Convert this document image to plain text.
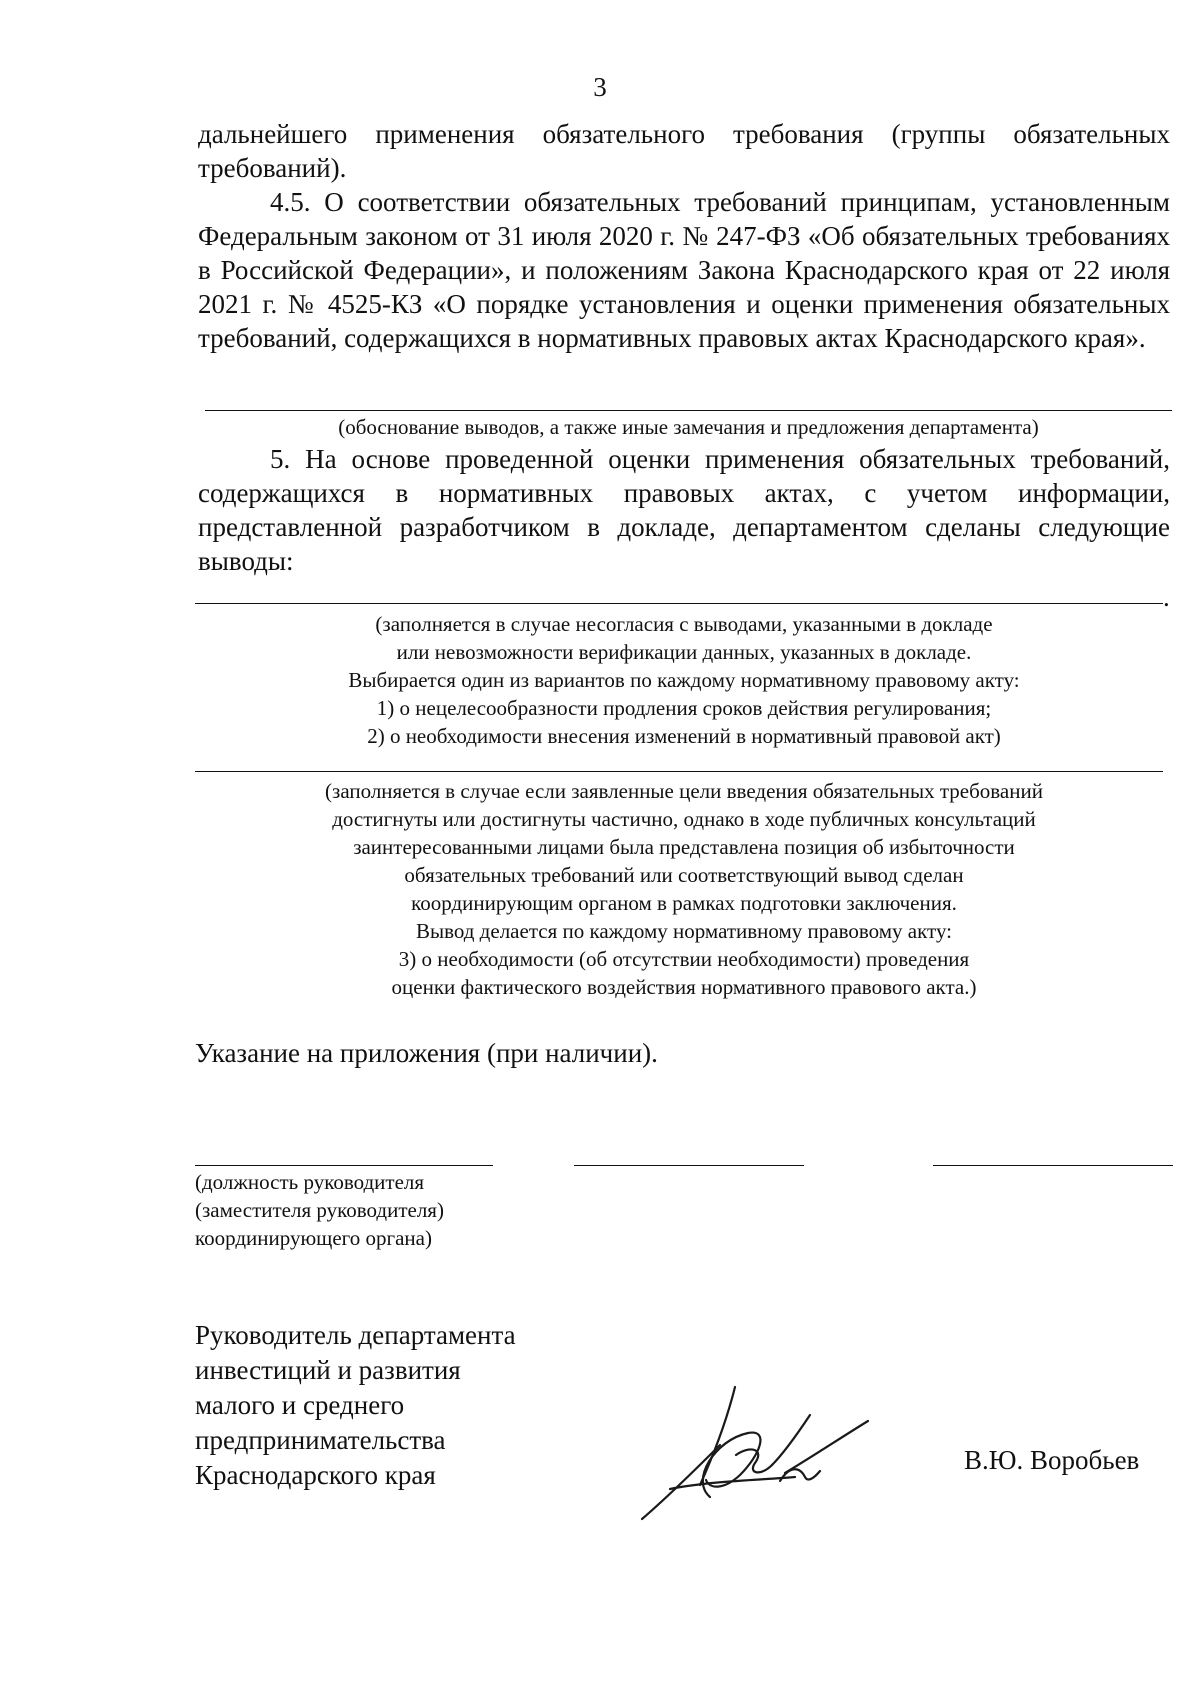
3
дальнейшего применения обязательного требования (группы обязательных требований).
4.5. О соответствии обязательных требований принципам, установленным Федеральным законом от 31 июля 2020 г. № 247-ФЗ «Об обязательных требованиях в Российской Федерации», и положениям Закона Краснодарского края от 22 июля 2021 г. № 4525-КЗ «О порядке установления и оценки применения обязательных требований, содержащихся в нормативных правовых актах Краснодарского края».
(обоснование выводов, а также иные замечания и предложения департамента)
5. На основе проведенной оценки применения обязательных требований, содержащихся в нормативных правовых актах, с учетом информации, представленной разработчиком в докладе, департаментом сделаны следующие выводы:
.
(заполняется в случае несогласия с выводами, указанными в докладе
или невозможности верификации данных, указанных в докладе.
Выбирается один из вариантов по каждому нормативному правовому акту:
1) о нецелесообразности продления сроков действия регулирования;
2) о необходимости внесения изменений в нормативный правовой акт)
(заполняется в случае если заявленные цели введения обязательных требований
достигнуты или достигнуты частично, однако в ходе публичных консультаций
заинтересованными лицами была представлена позиция об избыточности
обязательных требований или соответствующий вывод сделан
координирующим органом в рамках подготовки заключения.
Вывод делается по каждому нормативному правовому акту:
3) о необходимости (об отсутствии необходимости) проведения
оценки фактического воздействия нормативного правового акта.)
Указание на приложения (при наличии).
(должность руководителя
(заместителя руководителя)
координирующего органа)
Руководитель департамента
инвестиций и развития
малого и среднего
предпринимательства
Краснодарского края	В.Ю. Воробьев
